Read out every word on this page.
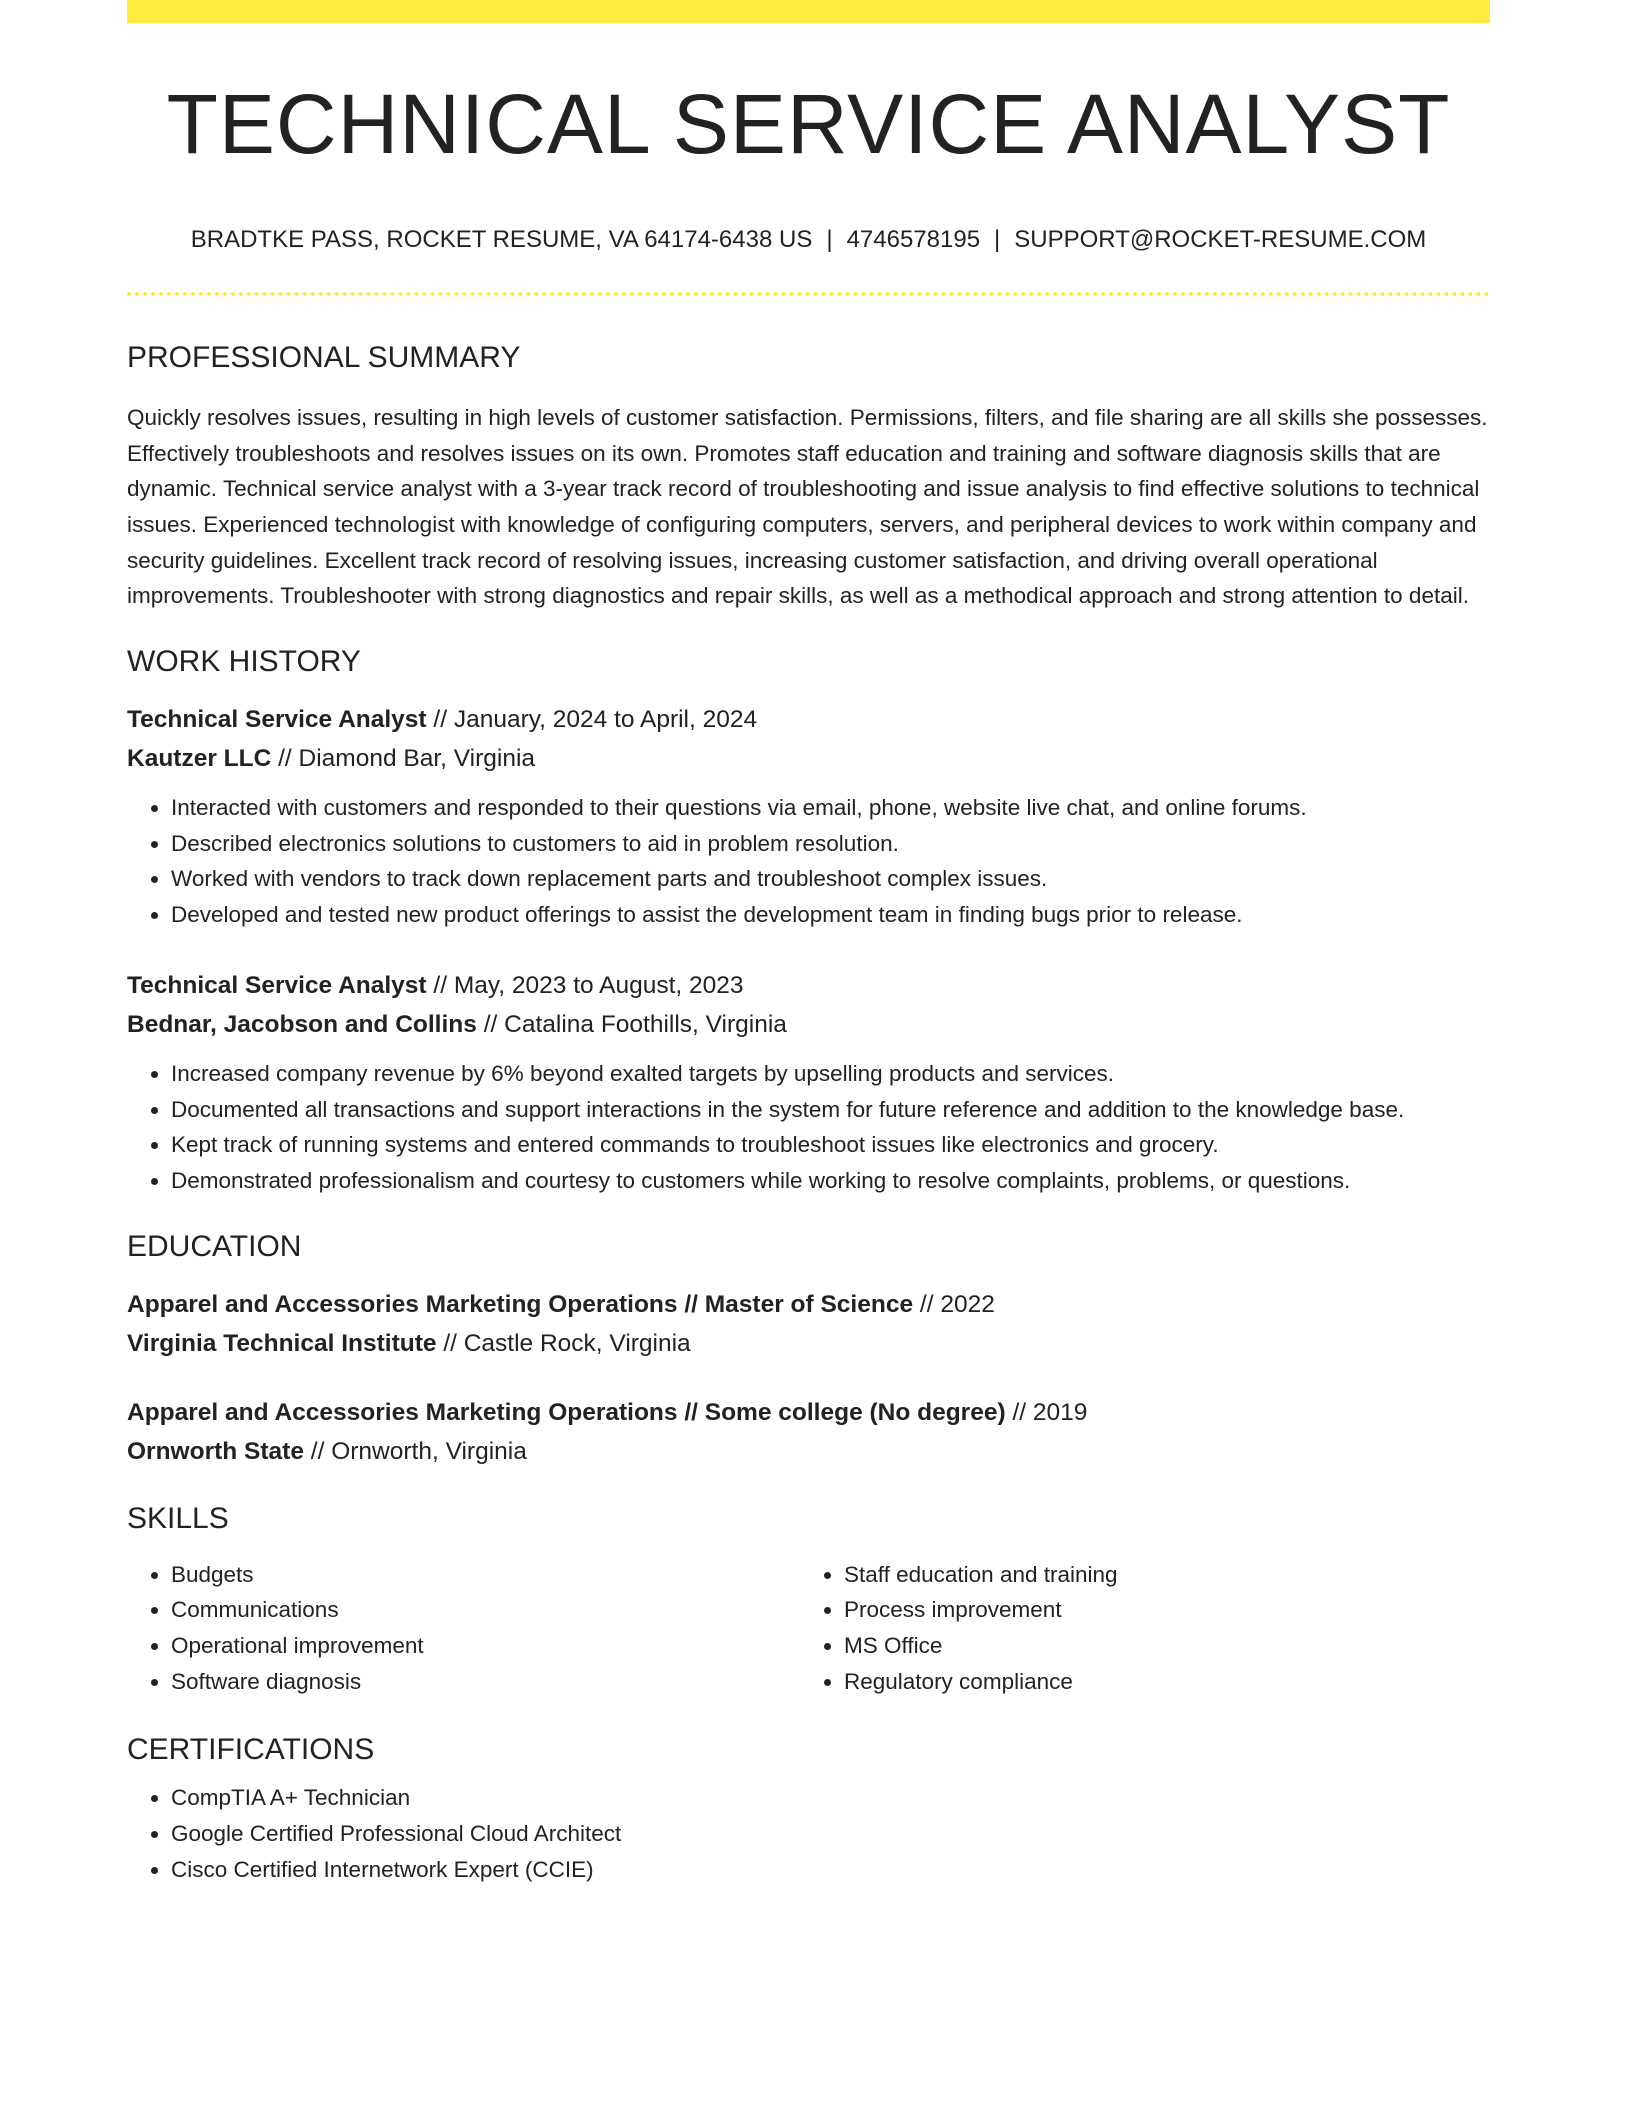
TECHNICAL SERVICE ANALYST
BRADTKE PASS, ROCKET RESUME, VA 64174-6438 US | 4746578195 | SUPPORT@ROCKET-RESUME.COM
PROFESSIONAL SUMMARY

Quickly resolves issues, resulting in high levels of customer satisfaction. Permissions, filters, and file sharing are all skills she possesses. Effectively troubleshoots and resolves issues on its own. Promotes staff education and training and software diagnosis skills that are dynamic. Technical service analyst with a 3-year track record of troubleshooting and issue analysis to find effective solutions to technical issues. Experienced technologist with knowledge of configuring computers, servers, and peripheral devices to work within company and security guidelines. Excellent track record of resolving issues, increasing customer satisfaction, and driving overall operational improvements. Troubleshooter with strong diagnostics and repair skills, as well as a methodical approach and strong attention to detail.

WORK HISTORY
Technical Service Analyst // January, 2024 to April, 2024
Kautzer LLC // Diamond Bar, Virginia
• Interacted with customers and responded to their questions via email, phone, website live chat, and online forums.
• Described electronics solutions to customers to aid in problem resolution.
• Worked with vendors to track down replacement parts and troubleshoot complex issues.
• Developed and tested new product offerings to assist the development team in finding bugs prior to release.
Technical Service Analyst // May, 2023 to August, 2023
Bednar, Jacobson and Collins // Catalina Foothills, Virginia
• Increased company revenue by 6% beyond exalted targets by upselling products and services.
• Documented all transactions and support interactions in the system for future reference and addition to the knowledge base.
• Kept track of running systems and entered commands to troubleshoot issues like electronics and grocery.
• Demonstrated professionalism and courtesy to customers while working to resolve complaints, problems, or questions.
EDUCATION
Apparel and Accessories Marketing Operations // Master of Science // 2022
Virginia Technical Institute // Castle Rock, Virginia
Apparel and Accessories Marketing Operations // Some college (No degree) // 2019
Ornworth State // Ornworth, Virginia
SKILLS
• Budgets
• Communications
• Operational improvement
• Software diagnosis
• Staff education and training
• Process improvement
• MS Office
• Regulatory compliance
CERTIFICATIONS
• CompTIA A+ Technician
• Google Certified Professional Cloud Architect
• Cisco Certified Internetwork Expert (CCIE)
